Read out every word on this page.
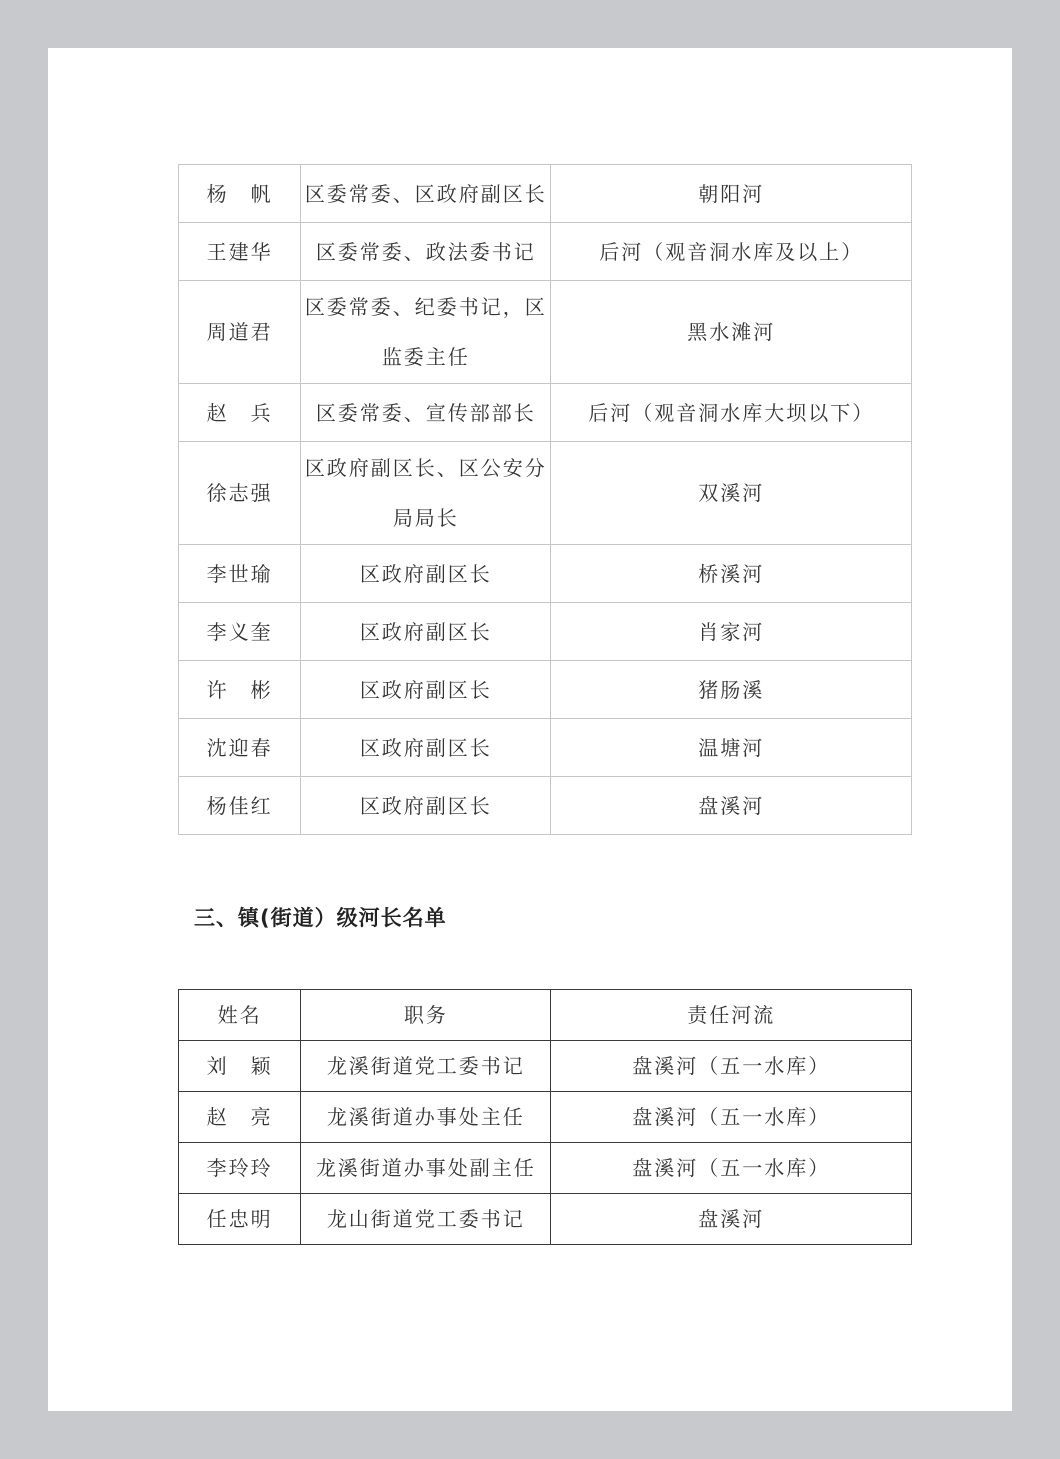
杨　帆	区委常委、区政府副区长	朝阳河
王建华	区委常委、政法委书记	后河（观音洞水库及以上）
周道君	区委常委、纪委书记，区监委主任	黑水滩河
赵　兵	区委常委、宣传部部长	后河（观音洞水库大坝以下）
徐志强	区政府副区长、区公安分局局长	双溪河
李世瑜	区政府副区长	桥溪河
李义奎	区政府副区长	肖家河
许　彬	区政府副区长	猪肠溪
沈迎春	区政府副区长	温塘河
杨佳红	区政府副区长	盘溪河
三、镇(街道）级河长名单
姓名	职务	责任河流
刘　颖	龙溪街道党工委书记	盘溪河（五一水库）
赵　亮	龙溪街道办事处主任	盘溪河（五一水库）
李玲玲	龙溪街道办事处副主任	盘溪河（五一水库）
任忠明	龙山街道党工委书记	盘溪河
